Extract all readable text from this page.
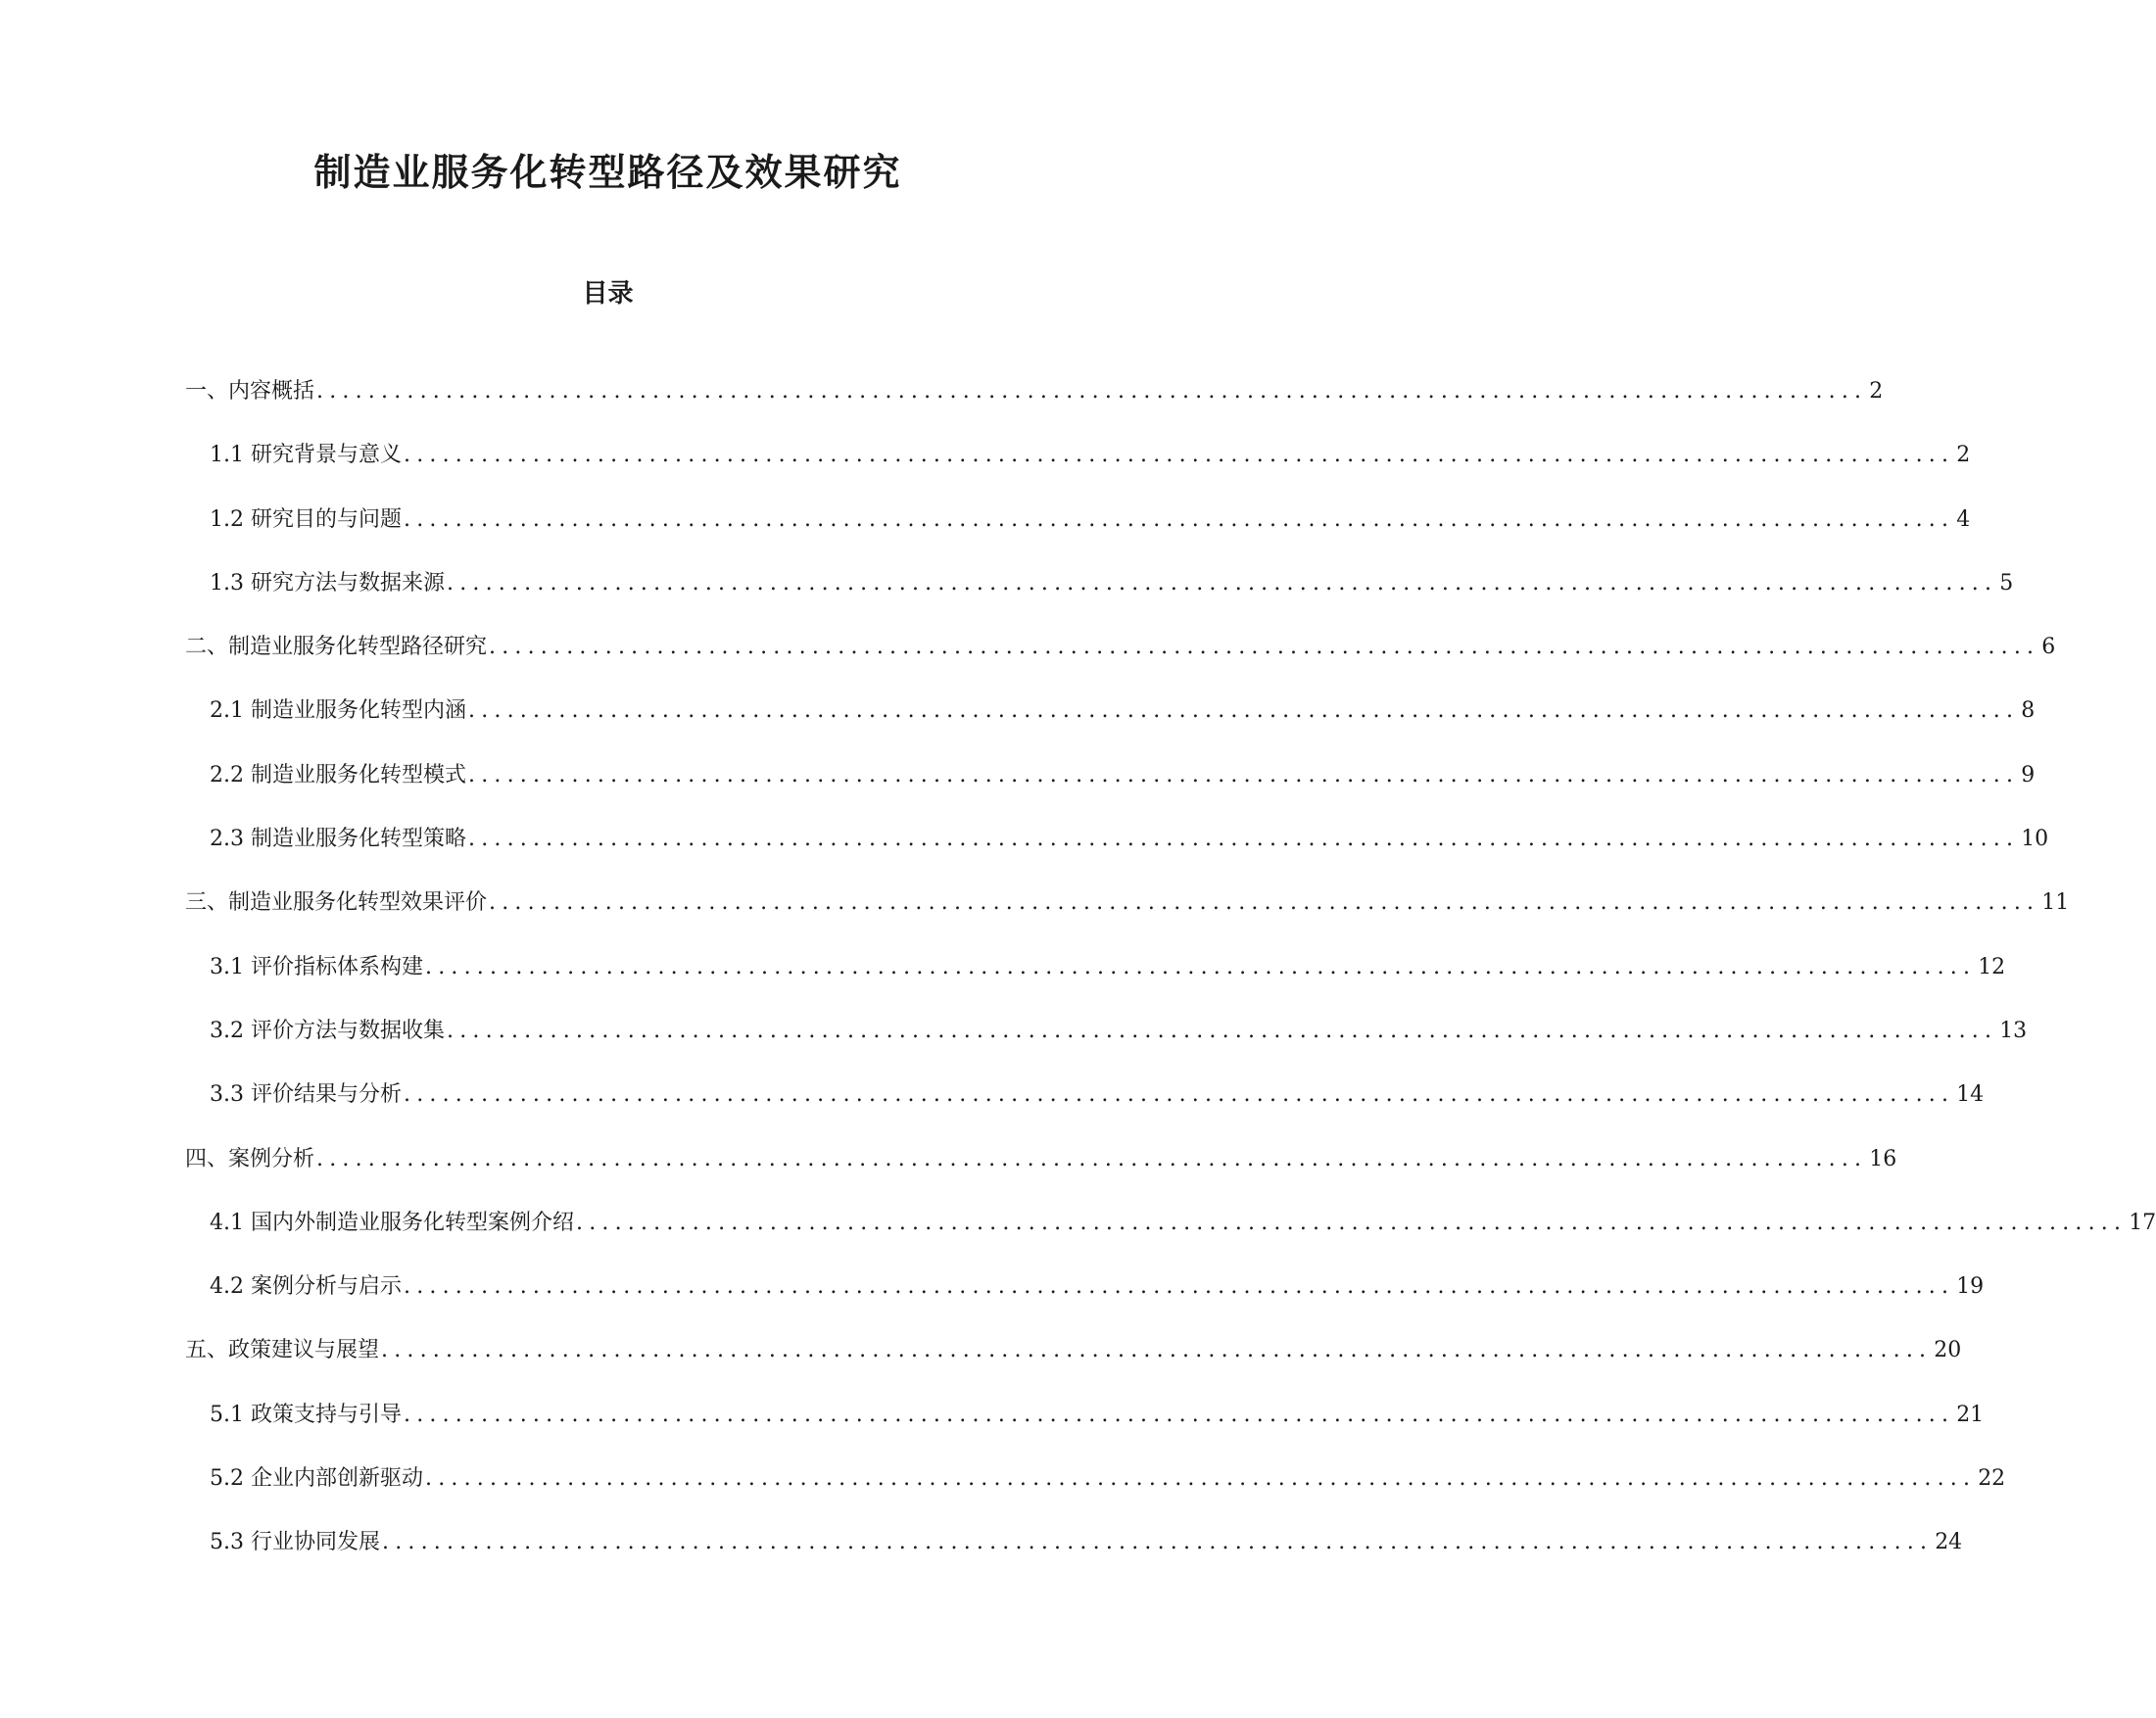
制造业服务化转型路径及效果研究
目录
一、 内容概括 ........................................................................................................................ 2
1.1 研究背景与意义 ........................................................................................................................ 2
1.2 研究目的与问题 ........................................................................................................................ 4
1.3 研究方法与数据来源 ........................................................................................................................ 5
二、 制造业服务化转型路径研究 ........................................................................................................................ 6
2.1 制造业服务化转型内涵 ........................................................................................................................ 8
2.2 制造业服务化转型模式 ........................................................................................................................ 9
2.3 制造业服务化转型策略 ........................................................................................................................ 10
三、 制造业服务化转型效果评价 ........................................................................................................................ 11
3.1 评价指标体系构建 ........................................................................................................................ 12
3.2 评价方法与数据收集 ........................................................................................................................ 13
3.3 评价结果与分析 ........................................................................................................................ 14
四、 案例分析 ........................................................................................................................ 16
4.1 国内外制造业服务化转型案例介绍 ........................................................................................................................ 17
4.2 案例分析与启示 ........................................................................................................................ 19
五、 政策建议与展望 ........................................................................................................................ 20
5.1 政策支持与引导 ........................................................................................................................ 21
5.2 企业内部创新驱动 ........................................................................................................................ 22
5.3 行业协同发展 ........................................................................................................................ 24
